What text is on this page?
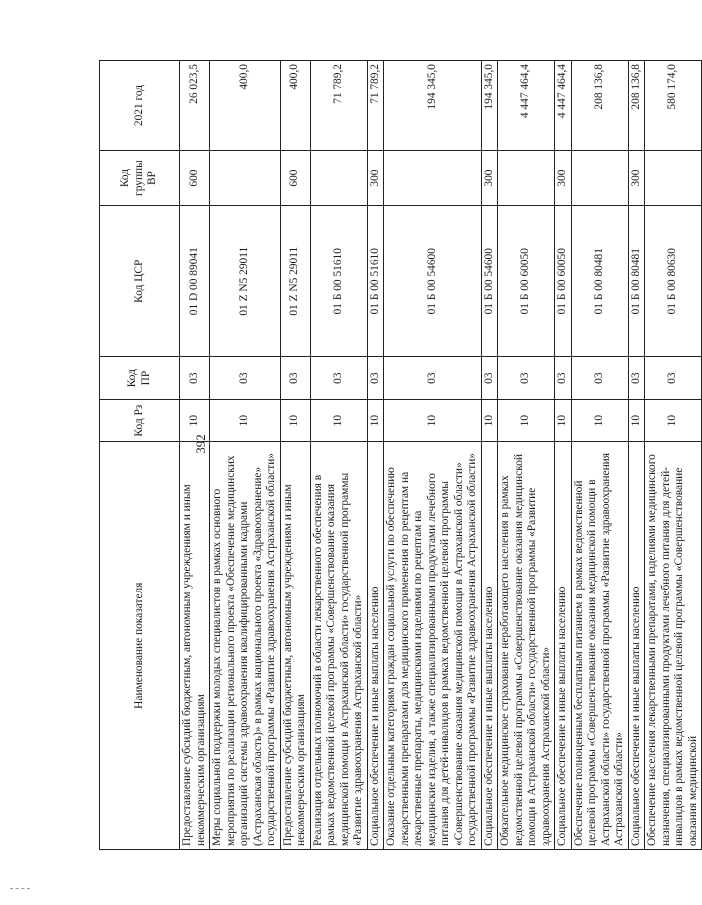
392
Наименование показателя	Код Рз	Код ПР	Код ЦСР	Код группы ВР	2021 год
Предоставление субсидий бюджетным, автономным учреждениям и иным некоммерческим организациям	10	03	01 D 00 89041	600	26 023,5
Меры социальной поддержки молодых специалистов в рамках основного мероприятия по реализации регионального проекта «Обеспечение медицинских организаций системы здравоохранения квалифицированными кадрами (Астраханская область)» в рамках национального проекта «Здравоохранение» государственной программы «Развитие здравоохранения Астраханской области»	10	03	01 Z N5 29011		400,0
Предоставление субсидий бюджетным, автономным учреждениям и иным некоммерческим организациям	10	03	01 Z N5 29011	600	400,0
Реализация отдельных полномочий в области лекарственного обеспечения в рамках ведомственной целевой программы «Совершенствование оказания медицинской помощи в Астраханской области» государственной программы «Развитие здравоохранения Астраханской области»	10	03	01 Б 00 51610		71 789,2
Социальное обеспечение и иные выплаты населению	10	03	01 Б 00 51610	300	71 789,2
Оказание отдельным категориям граждан социальной услуги по обеспечению лекарственными препаратами для медицинского применения по рецептам на лекарственные препараты, медицинскими изделиями по рецептам на медицинские изделия, а также специализированными продуктами лечебного питания для детей-инвалидов в рамках ведомственной целевой программы «Совершенствование оказания медицинской помощи в Астраханской области» государственной программы «Развитие здравоохранения Астраханской области»	10	03	01 Б 00 54600		194 345,0
Социальное обеспечение и иные выплаты населению	10	03	01 Б 00 54600	300	194 345,0
Обязательное медицинское страхование неработающего населения в рамках ведомственной целевой программы «Совершенствование оказания медицинской помощи в Астраханской области» государственной программы «Развитие здравоохранения Астраханской области»	10	03	01 Б 00 60050		4 447 464,4
Социальное обеспечение и иные выплаты населению	10	03	01 Б 00 60050	300	4 447 464,4
Обеспечение полноценным бесплатным питанием в рамках ведомственной целевой программы «Совершенствование оказания медицинской помощи в Астраханской области» государственной программы «Развитие здравоохранения Астраханской области»	10	03	01 Б 00 80481		208 136,8
Социальное обеспечение и иные выплаты населению	10	03	01 Б 00 80481	300	208 136,8
Обеспечение населения лекарственными препаратами, изделиями медицинского назначения, специализированными продуктами лечебного питания для детей-инвалидов в рамках ведомственной целевой программы «Совершенствование оказания медицинской	10	03	01 Б 00 80630		580 174,0
